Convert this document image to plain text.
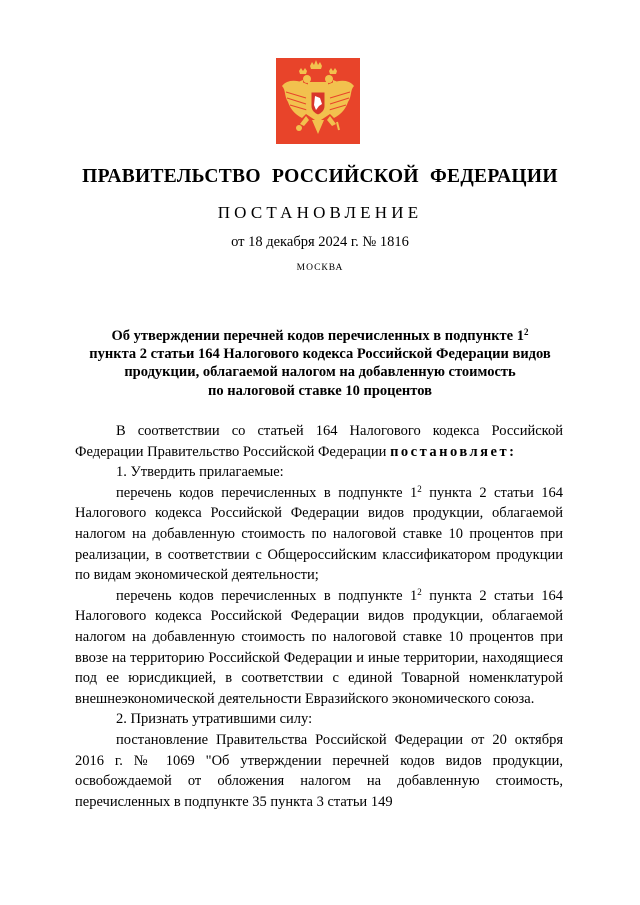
ПРАВИТЕЛЬСТВО РОССИЙСКОЙ ФЕДЕРАЦИИ
ПОСТАНОВЛЕНИЕ
от 18 декабря 2024 г. № 1816
МОСКВА
Об утверждении перечней кодов перечисленных в подпункте $1^2$
пункта 2 статьи 164 Налогового кодекса Российской Федерации видов
продукции, облагаемой налогом на добавленную стоимость
по налоговой ставке 10 процентов

В соответствии со статьей 164 Налогового кодекса Российской Федерации Правительство Российской Федерации постановляет:

1. Утвердить прилагаемые:

перечень кодов перечисленных в подпункте $1^2$ пункта 2 статьи 164 Налогового кодекса Российской Федерации видов продукции, облагаемой налогом на добавленную стоимость по налоговой ставке 10 процентов при реализации, в соответствии с Общероссийским классификатором продукции по видам экономической деятельности;

перечень кодов перечисленных в подпункте $1^2$ пункта 2 статьи 164 Налогового кодекса Российской Федерации видов продукции, облагаемой налогом на добавленную стоимость по налоговой ставке 10 процентов при ввозе на территорию Российской Федерации и иные территории, находящиеся под ее юрисдикцией, в соответствии с единой Товарной номенклатурой внешнеэкономической деятельности Евразийского экономического союза.

2. Признать утратившими силу:

постановление Правительства Российской Федерации от 20 октября 2016 г. № 1069 "Об утверждении перечней кодов видов продукции, освобождаемой от обложения налогом на добавленную стоимость, перечисленных в подпункте 35 пункта 3 статьи 149
